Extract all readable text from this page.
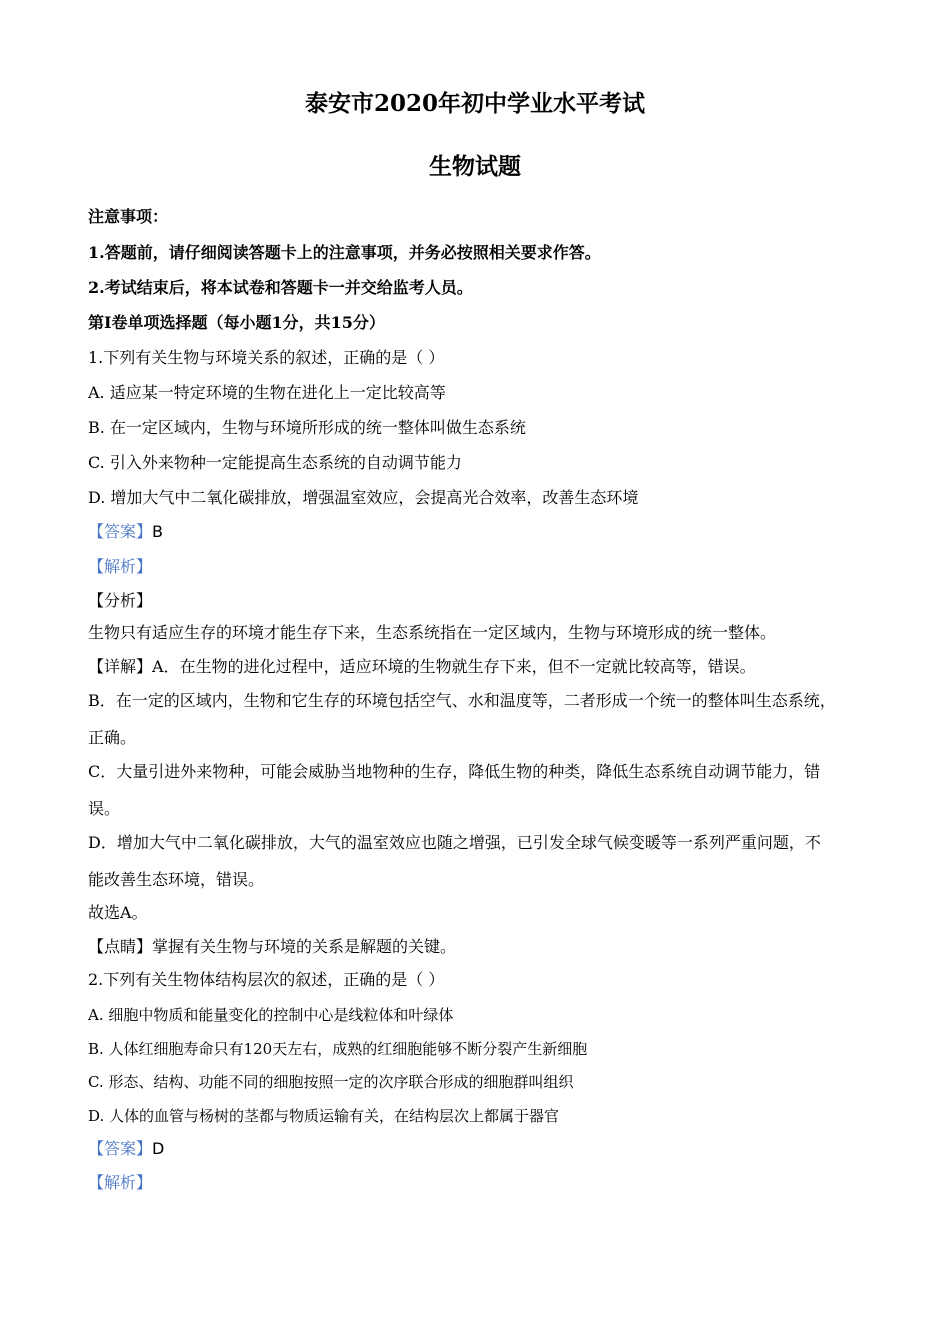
泰安市2020年初中学业水平考试
生物试题
注意事项：
1.答题前，请仔细阅读答题卡上的注意事项，并务必按照相关要求作答。
2.考试结束后，将本试卷和答题卡一并交给监考人员。
第Ⅰ卷单项选择题（每小题1分，共15分）
1.下列有关生物与环境关系的叙述，正确的是（ ）
A. 适应某一特定环境的生物在进化上一定比较高等
B. 在一定区域内，生物与环境所形成的统一整体叫做生态系统
C. 引入外来物种一定能提高生态系统的自动调节能力
D. 增加大气中二氧化碳排放，增强温室效应，会提高光合效率，改善生态环境
【答案】B
【解析】
【分析】
生物只有适应生存的环境才能生存下来，生态系统指在一定区域内，生物与环境形成的统一整体。
【详解】A．在生物的进化过程中，适应环境的生物就生存下来，但不一定就比较高等，错误。
B．在一定的区域内，生物和它生存的环境包括空气、水和温度等，二者形成一个统一的整体叫生态系统，
正确。
C．大量引进外来物种，可能会威胁当地物种的生存，降低生物的种类，降低生态系统自动调节能力，错
误。
D．增加大气中二氧化碳排放，大气的温室效应也随之增强，已引发全球气候变暖等一系列严重问题，不
能改善生态环境，错误。
故选A。
【点睛】掌握有关生物与环境的关系是解题的关键。
2.下列有关生物体结构层次的叙述，正确的是（ ）
A. 细胞中物质和能量变化的控制中心是线粒体和叶绿体
B. 人体红细胞寿命只有120天左右，成熟的红细胞能够不断分裂产生新细胞
C. 形态、结构、功能不同的细胞按照一定的次序联合形成的细胞群叫组织
D. 人体的血管与杨树的茎都与物质运输有关，在结构层次上都属于器官
【答案】D
【解析】
